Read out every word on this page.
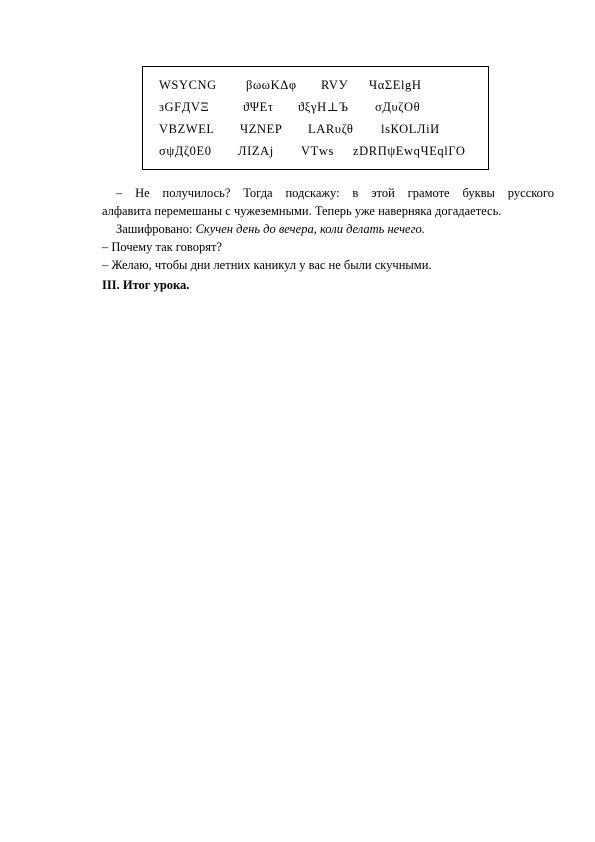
WSYCNG βωωΚΔφ RVУ ЧαΣΕlgΗ
зGFДVΞ	ϑΨΕτ ϑξγΗ⊥Ъ σДυζΟθ
VBZWEL ЧZNЕР LАRυζθ lsКОLЛiИ
σψДζ0Ε0 ЛIZAj VТws zDRПψΕwqЧΕqlГО
– Не получилось? Тогда подскажу: в этой грамоте буквы русского
алфавита перемешаны с чужеземными. Теперь уже наверняка догадаетесь.
Зашифровано: Скучен день до вечера, коли делать нечего.
– Почему так говорят?
– Желаю, чтобы дни летних каникул у вас не были скучными.
III. Итог урока.
